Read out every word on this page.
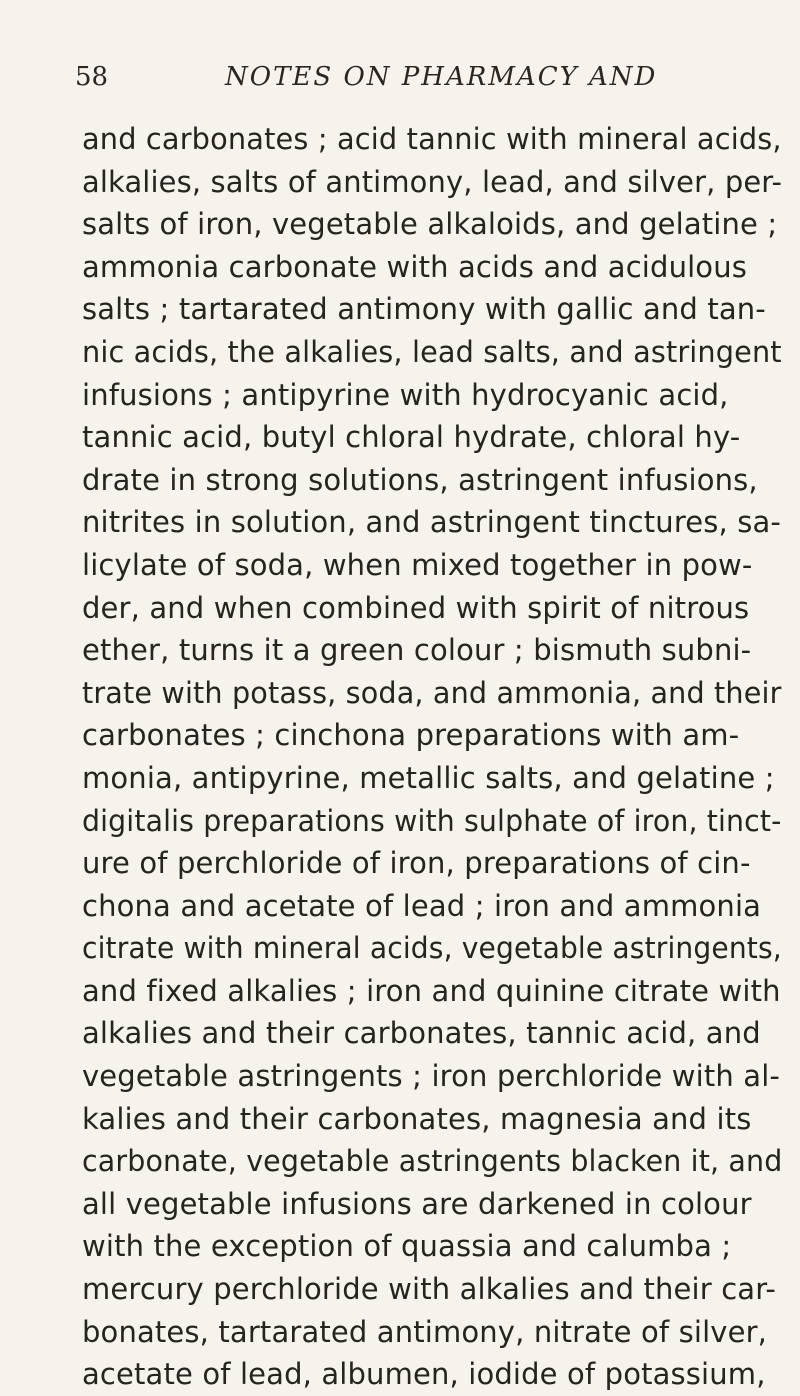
58	NOTES ON PHARMACY AND
and carbonates ; acid tannic with mineral acids,
alkalies, salts of antimony, lead, and silver, per-
salts of iron, vegetable alkaloids, and gelatine ;
ammonia carbonate with acids and acidulous
salts ; tartarated antimony with gallic and tan-
nic acids, the alkalies, lead salts, and astringent
infusions ; antipyrine with hydrocyanic acid,
tannic acid, butyl chloral hydrate, chloral hy-
drate in strong solutions, astringent infusions,
nitrites in solution, and astringent tinctures, sa-
licylate of soda, when mixed together in pow-
der, and when combined with spirit of nitrous
ether, turns it a green colour ; bismuth subni-
trate with potass, soda, and ammonia, and their
carbonates ; cinchona preparations with am-
monia, antipyrine, metallic salts, and gelatine ;
digitalis preparations with sulphate of iron, tinct-
ure of perchloride of iron, preparations of cin-
chona and acetate of lead ; iron and ammonia
citrate with mineral acids, vegetable astringents,
and fixed alkalies ; iron and quinine citrate with
alkalies and their carbonates, tannic acid, and
vegetable astringents ; iron perchloride with al-
kalies and their carbonates, magnesia and its
carbonate, vegetable astringents blacken it, and
all vegetable infusions are darkened in colour
with the exception of quassia and calumba ;
mercury perchloride with alkalies and their car-
bonates, tartarated antimony, nitrate of silver,
acetate of lead, albumen, iodide of potassium,
